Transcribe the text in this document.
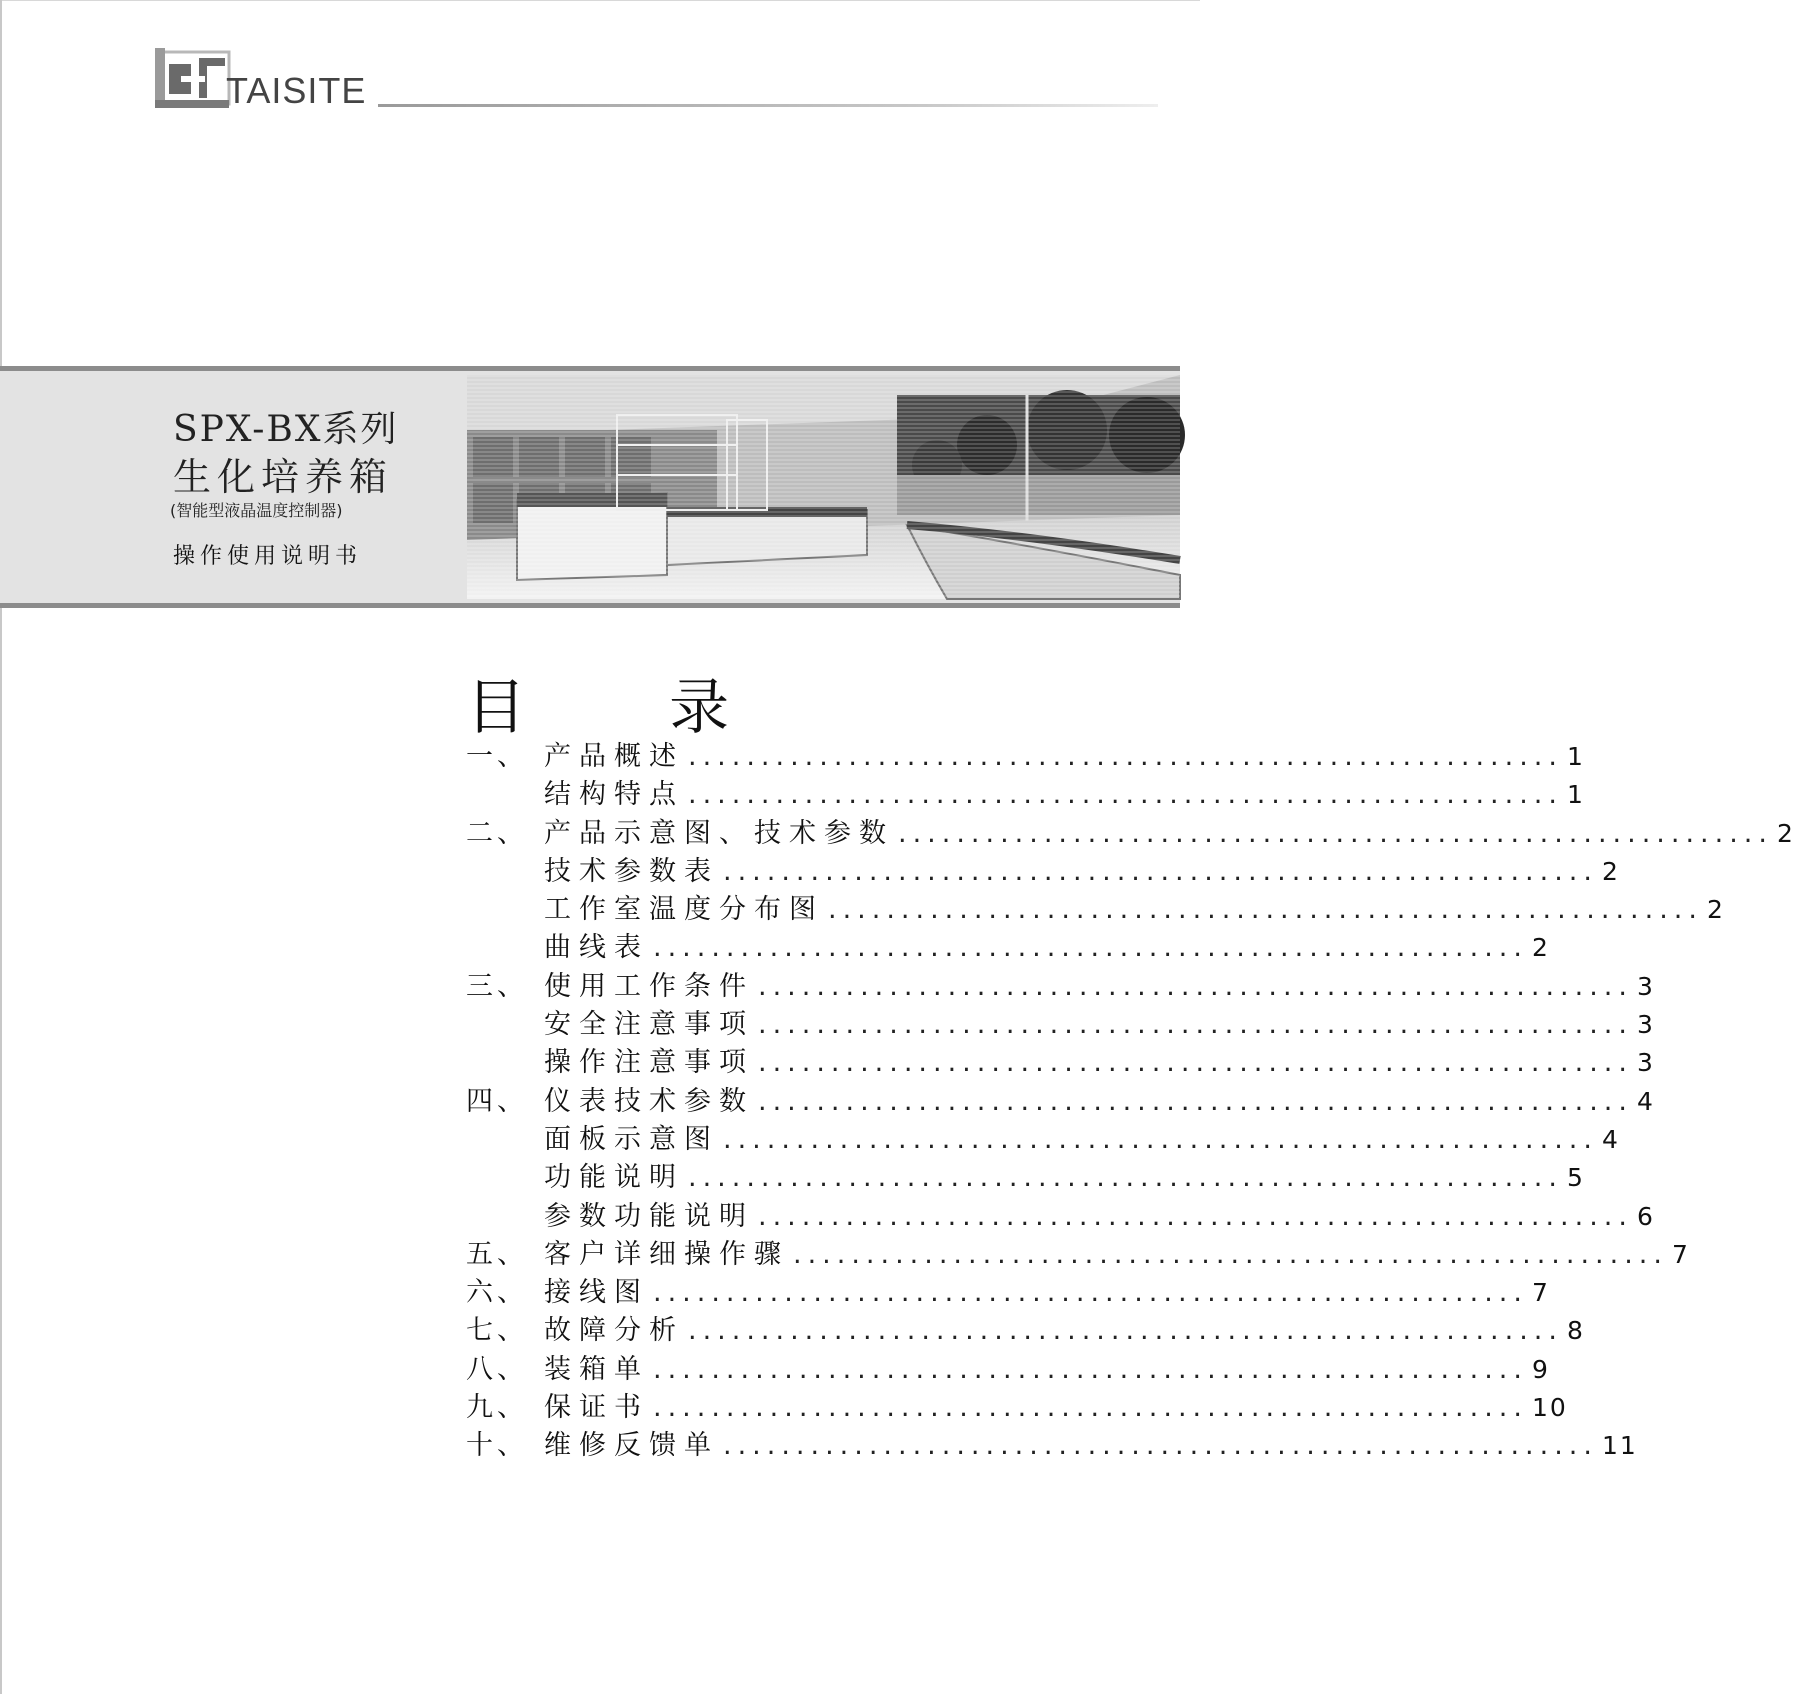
TAISITE
SPX-BX系列
生化培养箱
(智能型液晶温度控制器)
操作使用说明书
目 录
一、 产品概述 ............................................................ 1
结构特点 ............................................................ 1
二、 产品示意图、技术参数 ............................................................ 2
技术参数表 ............................................................ 2
工作室温度分布图 ............................................................ 2
曲线表 ............................................................ 2
三、 使用工作条件 ............................................................ 3
安全注意事项 ............................................................ 3
操作注意事项 ............................................................ 3
四、 仪表技术参数 ............................................................ 4
面板示意图 ............................................................ 4
功能说明 ............................................................ 5
参数功能说明 ............................................................ 6
五、 客户详细操作骤 ............................................................ 7
六、 接线图 ............................................................ 7
七、 故障分析 ............................................................ 8
八、 装箱单 ............................................................ 9
九、 保证书 ............................................................ 10
十、 维修反馈单 ............................................................ 11
